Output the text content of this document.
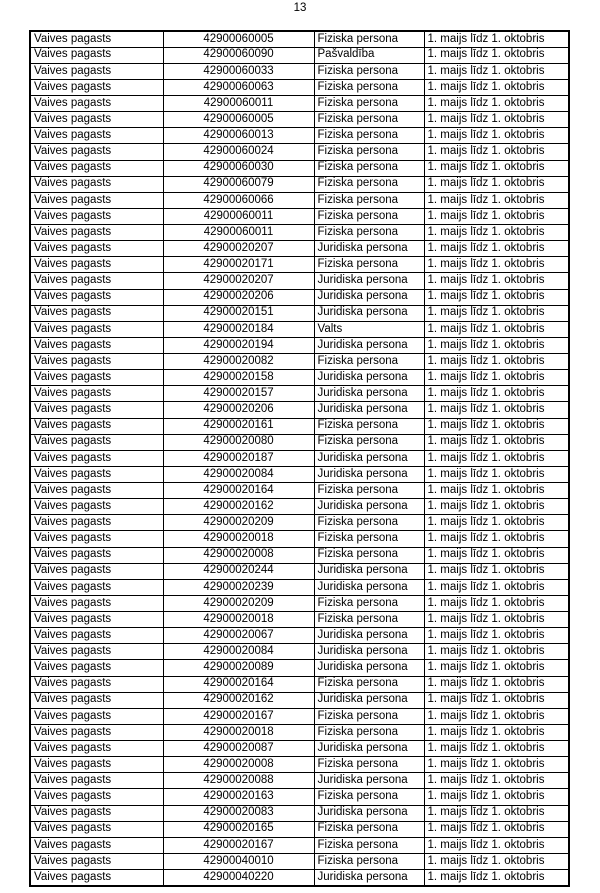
13
Vaives pagasts	42900060005	Fiziska persona	1. maijs līdz 1. oktobris
Vaives pagasts	42900060090	Pašvaldība	1. maijs līdz 1. oktobris
Vaives pagasts	42900060033	Fiziska persona	1. maijs līdz 1. oktobris
Vaives pagasts	42900060063	Fiziska persona	1. maijs līdz 1. oktobris
Vaives pagasts	42900060011	Fiziska persona	1. maijs līdz 1. oktobris
Vaives pagasts	42900060005	Fiziska persona	1. maijs līdz 1. oktobris
Vaives pagasts	42900060013	Fiziska persona	1. maijs līdz 1. oktobris
Vaives pagasts	42900060024	Fiziska persona	1. maijs līdz 1. oktobris
Vaives pagasts	42900060030	Fiziska persona	1. maijs līdz 1. oktobris
Vaives pagasts	42900060079	Fiziska persona	1. maijs līdz 1. oktobris
Vaives pagasts	42900060066	Fiziska persona	1. maijs līdz 1. oktobris
Vaives pagasts	42900060011	Fiziska persona	1. maijs līdz 1. oktobris
Vaives pagasts	42900060011	Fiziska persona	1. maijs līdz 1. oktobris
Vaives pagasts	42900020207	Juridiska persona	1. maijs līdz 1. oktobris
Vaives pagasts	42900020171	Fiziska persona	1. maijs līdz 1. oktobris
Vaives pagasts	42900020207	Juridiska persona	1. maijs līdz 1. oktobris
Vaives pagasts	42900020206	Juridiska persona	1. maijs līdz 1. oktobris
Vaives pagasts	42900020151	Juridiska persona	1. maijs līdz 1. oktobris
Vaives pagasts	42900020184	Valts	1. maijs līdz 1. oktobris
Vaives pagasts	42900020194	Juridiska persona	1. maijs līdz 1. oktobris
Vaives pagasts	42900020082	Fiziska persona	1. maijs līdz 1. oktobris
Vaives pagasts	42900020158	Juridiska persona	1. maijs līdz 1. oktobris
Vaives pagasts	42900020157	Juridiska persona	1. maijs līdz 1. oktobris
Vaives pagasts	42900020206	Juridiska persona	1. maijs līdz 1. oktobris
Vaives pagasts	42900020161	Fiziska persona	1. maijs līdz 1. oktobris
Vaives pagasts	42900020080	Fiziska persona	1. maijs līdz 1. oktobris
Vaives pagasts	42900020187	Juridiska persona	1. maijs līdz 1. oktobris
Vaives pagasts	42900020084	Juridiska persona	1. maijs līdz 1. oktobris
Vaives pagasts	42900020164	Fiziska persona	1. maijs līdz 1. oktobris
Vaives pagasts	42900020162	Juridiska persona	1. maijs līdz 1. oktobris
Vaives pagasts	42900020209	Fiziska persona	1. maijs līdz 1. oktobris
Vaives pagasts	42900020018	Fiziska persona	1. maijs līdz 1. oktobris
Vaives pagasts	42900020008	Fiziska persona	1. maijs līdz 1. oktobris
Vaives pagasts	42900020244	Juridiska persona	1. maijs līdz 1. oktobris
Vaives pagasts	42900020239	Juridiska persona	1. maijs līdz 1. oktobris
Vaives pagasts	42900020209	Fiziska persona	1. maijs līdz 1. oktobris
Vaives pagasts	42900020018	Fiziska persona	1. maijs līdz 1. oktobris
Vaives pagasts	42900020067	Juridiska persona	1. maijs līdz 1. oktobris
Vaives pagasts	42900020084	Juridiska persona	1. maijs līdz 1. oktobris
Vaives pagasts	42900020089	Juridiska persona	1. maijs līdz 1. oktobris
Vaives pagasts	42900020164	Fiziska persona	1. maijs līdz 1. oktobris
Vaives pagasts	42900020162	Juridiska persona	1. maijs līdz 1. oktobris
Vaives pagasts	42900020167	Fiziska persona	1. maijs līdz 1. oktobris
Vaives pagasts	42900020018	Fiziska persona	1. maijs līdz 1. oktobris
Vaives pagasts	42900020087	Juridiska persona	1. maijs līdz 1. oktobris
Vaives pagasts	42900020008	Fiziska persona	1. maijs līdz 1. oktobris
Vaives pagasts	42900020088	Juridiska persona	1. maijs līdz 1. oktobris
Vaives pagasts	42900020163	Fiziska persona	1. maijs līdz 1. oktobris
Vaives pagasts	42900020083	Juridiska persona	1. maijs līdz 1. oktobris
Vaives pagasts	42900020165	Fiziska persona	1. maijs līdz 1. oktobris
Vaives pagasts	42900020167	Fiziska persona	1. maijs līdz 1. oktobris
Vaives pagasts	42900040010	Fiziska persona	1. maijs līdz 1. oktobris
Vaives pagasts	42900040220	Juridiska persona	1. maijs līdz 1. oktobris
